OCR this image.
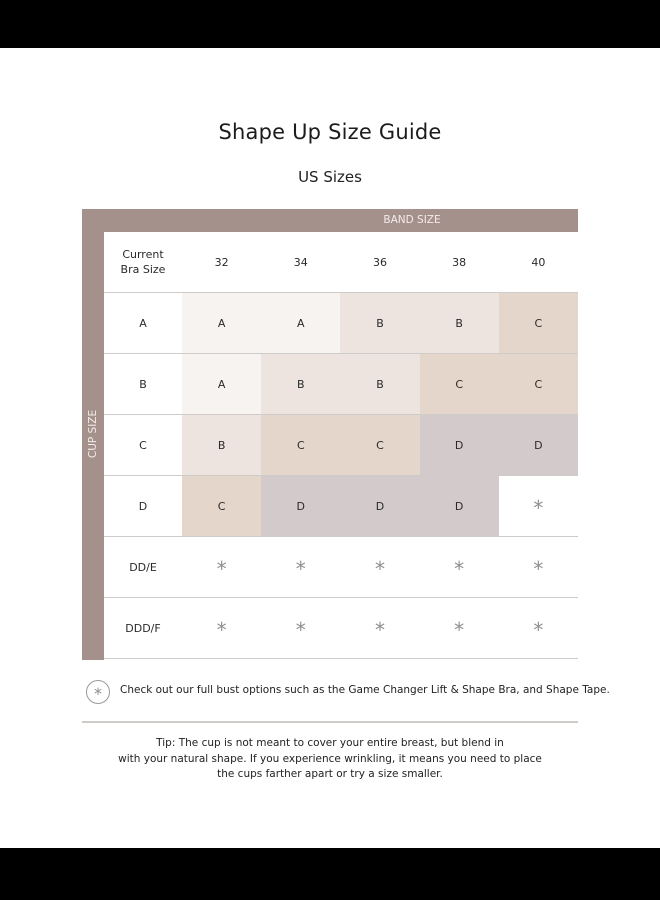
Shape Up Size Guide
US Sizes
BAND SIZE
CUP SIZE
Current
Bra Size
32	34	36	38	40
A	A	A	B	B	C
B	A	B	B	C	C
C	B	C	C	D	D
D	C	D	D	D	*
DD/E	*	*	*	*	*
DDD/F	*	*	*	*	*
*	Check out our full bust options such as the Game Changer Lift & Shape Bra, and Shape Tape.
Tip: The cup is not meant to cover your entire breast, but blend in
with your natural shape. If you experience wrinkling, it means you need to place
the cups farther apart or try a size smaller.
